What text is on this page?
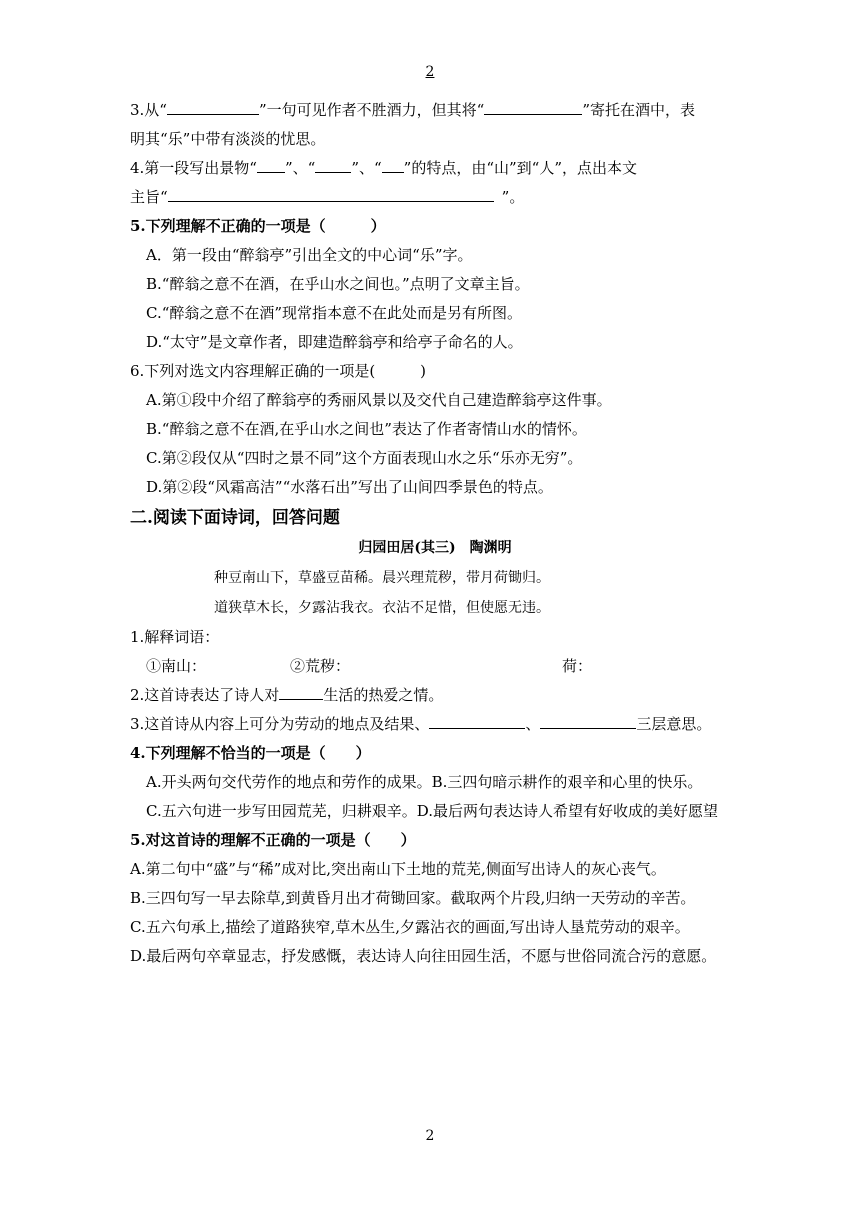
2
3.从“	”一句可见作者不胜酒力，但其将“	”寄托在酒中，表
明其“乐”中带有淡淡的忧思。
4.第一段写出景物“ ”、“ ”、“ ”的特点，由“山”到“人”，点出本文
主旨“	”。
5.下列理解不正确的一项是（　　　）
A．第一段由“醉翁亭”引出全文的中心词“乐”字。
B.“醉翁之意不在酒，在乎山水之间也。”点明了文章主旨。
C.“醉翁之意不在酒”现常指本意不在此处而是另有所图。
D.“太守”是文章作者，即建造醉翁亭和给亭子命名的人。
6.下列对选文内容理解正确的一项是(　　　)
A.第①段中介绍了醉翁亭的秀丽风景以及交代自己建造醉翁亭这件事。
B.“醉翁之意不在酒,在乎山水之间也”表达了作者寄情山水的情怀。
C.第②段仅从“四时之景不同”这个方面表现山水之乐“乐亦无穷”。
D.第②段“风霜高洁”“水落石出”写出了山间四季景色的特点。
二.阅读下面诗词，回答问题
归园田居(其三)　陶渊明
种豆南山下，草盛豆苗稀。晨兴理荒秽，带月荷锄归。
道狭草木长，夕露沾我衣。衣沾不足惜，但使愿无违。
1.解释词语：
①南山：	②荒秽：	荷：
2.这首诗表达了诗人对	生活的热爱之情。
3.这首诗从内容上可分为劳动的地点及结果、	、	三层意思。
4.下列理解不恰当的一项是（　　）
A.开头两句交代劳作的地点和劳作的成果。B.三四句暗示耕作的艰辛和心里的快乐。
C.五六句进一步写田园荒芜，归耕艰辛。D.最后两句表达诗人希望有好收成的美好愿望
5.对这首诗的理解不正确的一项是（　　）
A.第二句中“盛”与“稀”成对比,突出南山下土地的荒芜,侧面写出诗人的灰心丧气。
B.三四句写一早去除草,到黄昏月出才荷锄回家。截取两个片段,归纳一天劳动的辛苦。
C.五六句承上,描绘了道路狭窄,草木丛生,夕露沾衣的画面,写出诗人垦荒劳动的艰辛。
D.最后两句卒章显志，抒发感慨，表达诗人向往田园生活，不愿与世俗同流合污的意愿。
2
